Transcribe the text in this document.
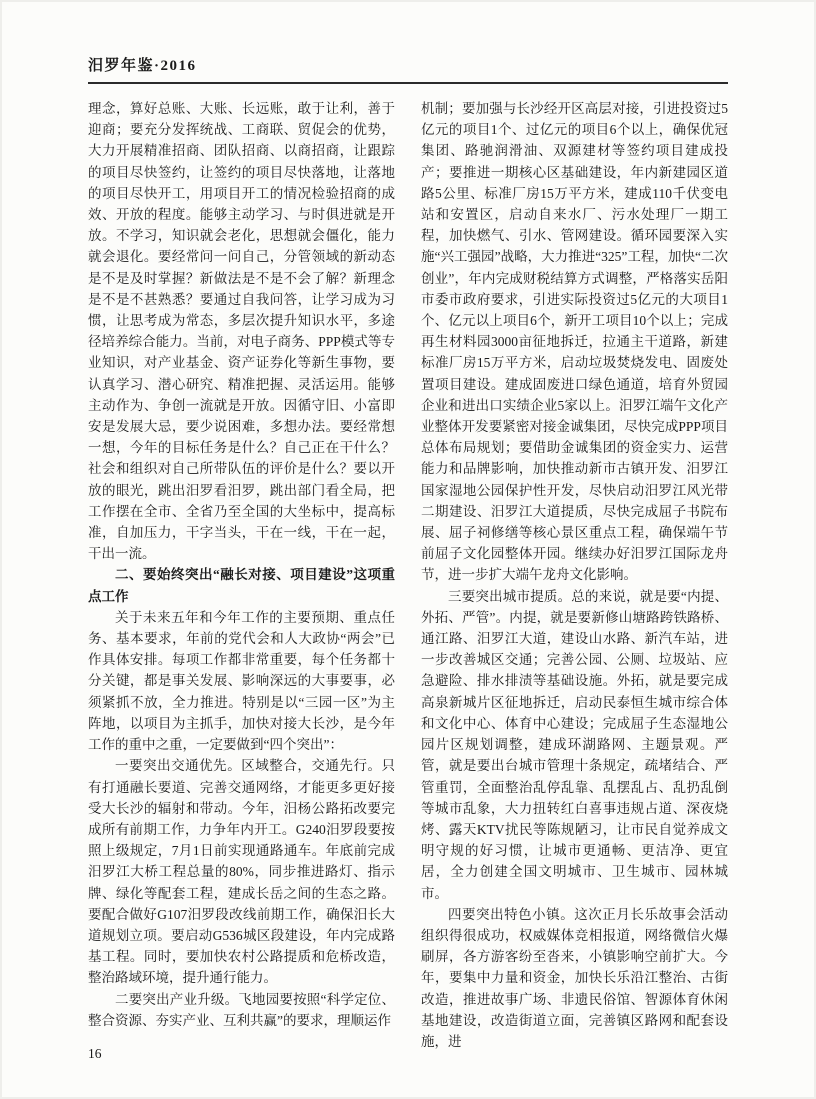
汨罗年鉴·2016

理念，算好总账、大账、长远账，敢于让利，善于迎商；要充分发挥统战、工商联、贸促会的优势，大力开展精准招商、团队招商、以商招商，让跟踪的项目尽快签约，让签约的项目尽快落地，让落地的项目尽快开工，用项目开工的情况检验招商的成效、开放的程度。能够主动学习、与时俱进就是开放。不学习，知识就会老化，思想就会僵化，能力就会退化。要经常问一问自己，分管领域的新动态是不是及时掌握？新做法是不是不会了解？新理念是不是不甚熟悉？要通过自我问答，让学习成为习惯，让思考成为常态，多层次提升知识水平，多途径培养综合能力。当前，对电子商务、PPP模式等专业知识，对产业基金、资产证券化等新生事物，要认真学习、潜心研究、精准把握、灵活运用。能够主动作为、争创一流就是开放。因循守旧、小富即安是发展大忌，要少说困难，多想办法。要经常想一想，今年的目标任务是什么？自己正在干什么？社会和组织对自己所带队伍的评价是什么？要以开放的眼光，跳出汨罗看汨罗，跳出部门看全局，把工作摆在全市、全省乃至全国的大坐标中，提高标准，自加压力，干字当头，干在一线，干在一起，干出一流。

二、要始终突出“融长对接、项目建设”这项重点工作

关于未来五年和今年工作的主要预期、重点任务、基本要求，年前的党代会和人大政协“两会”已作具体安排。每项工作都非常重要，每个任务都十分关键，都是事关发展、影响深远的大事要事，必须紧抓不放，全力推进。特别是以“三园一区”为主阵地，以项目为主抓手，加快对接大长沙，是今年工作的重中之重，一定要做到“四个突出”：

一要突出交通优先。区域整合，交通先行。只有打通融长要道、完善交通网络，才能更多更好接受大长沙的辐射和带动。今年，汨杨公路拓改要完成所有前期工作，力争年内开工。G240汨罗段要按照上级规定，7月1日前实现通路通车。年底前完成汨罗江大桥工程总量的80%，同步推进路灯、指示牌、绿化等配套工程，建成长岳之间的生态之路。要配合做好G107汨罗段改线前期工作，确保汨长大道规划立项。要启动G536城区段建设，年内完成路基工程。同时，要加快农村公路提质和危桥改造，整治路域环境，提升通行能力。

二要突出产业升级。飞地园要按照“科学定位、整合资源、夯实产业、互利共赢”的要求，理顺运作

机制；要加强与长沙经开区高层对接，引进投资过5亿元的项目1个、过亿元的项目6个以上，确保优冠集团、路驰润滑油、双源建材等签约项目建成投产；要推进一期核心区基础建设，年内新建园区道路5公里、标准厂房15万平方米，建成110千伏变电站和安置区，启动自来水厂、污水处理厂一期工程，加快燃气、引水、管网建设。循环园要深入实施“兴工强园”战略，大力推进“325”工程，加快“二次创业”，年内完成财税结算方式调整，严格落实岳阳市委市政府要求，引进实际投资过5亿元的大项目1个、亿元以上项目6个，新开工项目10个以上；完成再生材料园3000亩征地拆迁，拉通主干道路，新建标准厂房15万平方米，启动垃圾焚烧发电、固废处置项目建设。建成固废进口绿色通道，培育外贸园企业和进出口实绩企业5家以上。汨罗江端午文化产业整体开发要紧密对接金诚集团，尽快完成PPP项目总体布局规划；要借助金诚集团的资金实力、运营能力和品牌影响，加快推动新市古镇开发、汨罗江国家湿地公园保护性开发，尽快启动汨罗江风光带二期建设、汨罗江大道提质，尽快完成屈子书院布展、屈子祠修缮等核心景区重点工程，确保端午节前屈子文化园整体开园。继续办好汨罗江国际龙舟节，进一步扩大端午龙舟文化影响。

三要突出城市提质。总的来说，就是要“内提、外拓、严管”。内提，就是要新修山塘路跨铁路桥、通江路、汨罗江大道，建设山水路、新汽车站，进一步改善城区交通；完善公园、公厕、垃圾站、应急避险、排水排渍等基础设施。外拓，就是要完成高泉新城片区征地拆迁，启动民泰恒生城市综合体和文化中心、体育中心建设；完成屈子生态湿地公园片区规划调整，建成环湖路网、主题景观。严管，就是要出台城市管理十条规定，疏堵结合、严管重罚，全面整治乱停乱靠、乱摆乱占、乱扔乱倒等城市乱象，大力扭转红白喜事违规占道、深夜烧烤、露天KTV扰民等陈规陋习，让市民自觉养成文明守规的好习惯，让城市更通畅、更洁净、更宜居，全力创建全国文明城市、卫生城市、园林城市。

四要突出特色小镇。这次正月长乐故事会活动组织得很成功，权威媒体竞相报道，网络微信火爆刷屏，各方游客纷至沓来，小镇影响空前扩大。今年，要集中力量和资金，加快长乐沿江整治、古街改造，推进故事广场、非遗民俗馆、智源体育休闲基地建设，改造街道立面，完善镇区路网和配套设施，进

16
